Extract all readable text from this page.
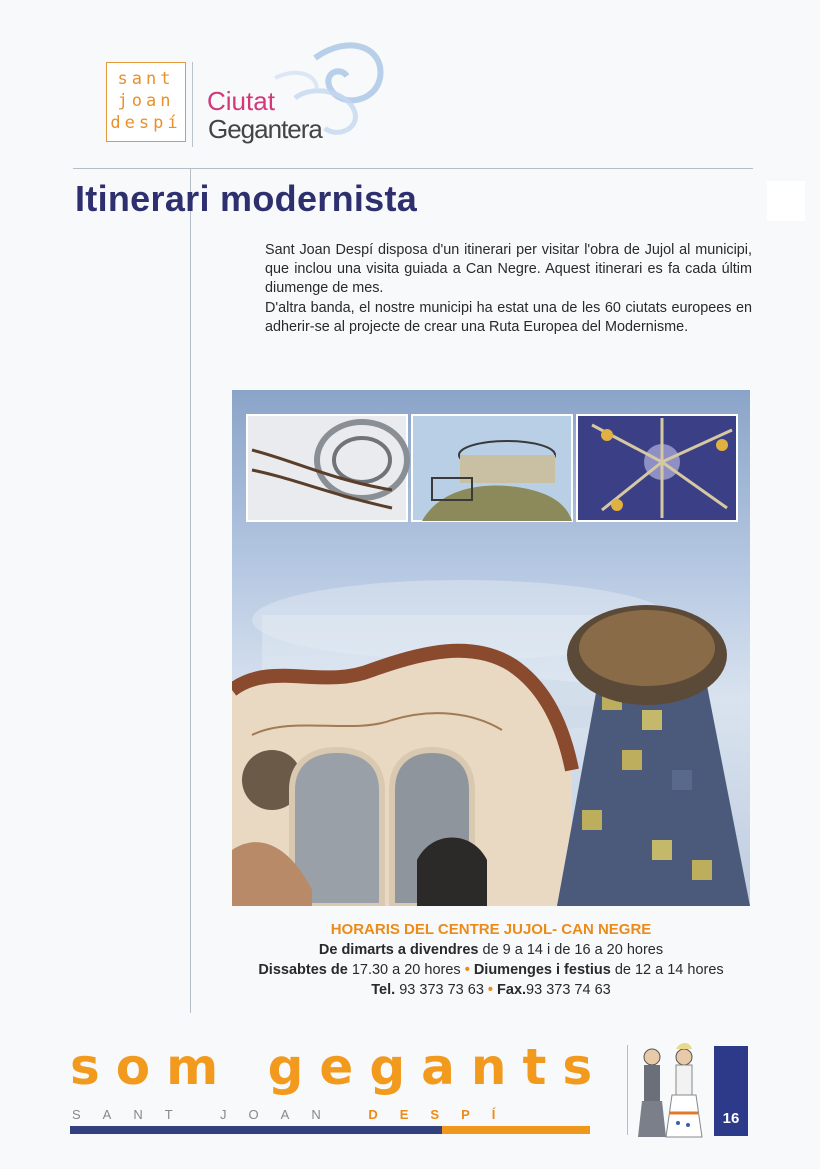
sant
joan
despí
Ciutat
Gegantera
Itinerari modernista

Sant Joan Despí disposa d'un itinerari per visitar l'obra de Jujol al municipi, que inclou una visita guiada a Can Negre. Aquest itinerari es fa cada últim diumenge de mes.

D'altra banda, el nostre municipi ha estat una de les 60 ciutats europees en adherir-se al projecte de crear una Ruta Europea del Modernisme.

HORARIS DEL CENTRE JUJOL- CAN NEGRE
De dimarts a divendres de 9 a 14 i de 16 a 20 hores
Dissabtes de 17.30 a 20 hores • Diumenges i festius de 12 a 14 hores
Tel. 93 373 73 63 • Fax.93 373 74 63
som gegants
SANT JOAN DESPÍ	16
